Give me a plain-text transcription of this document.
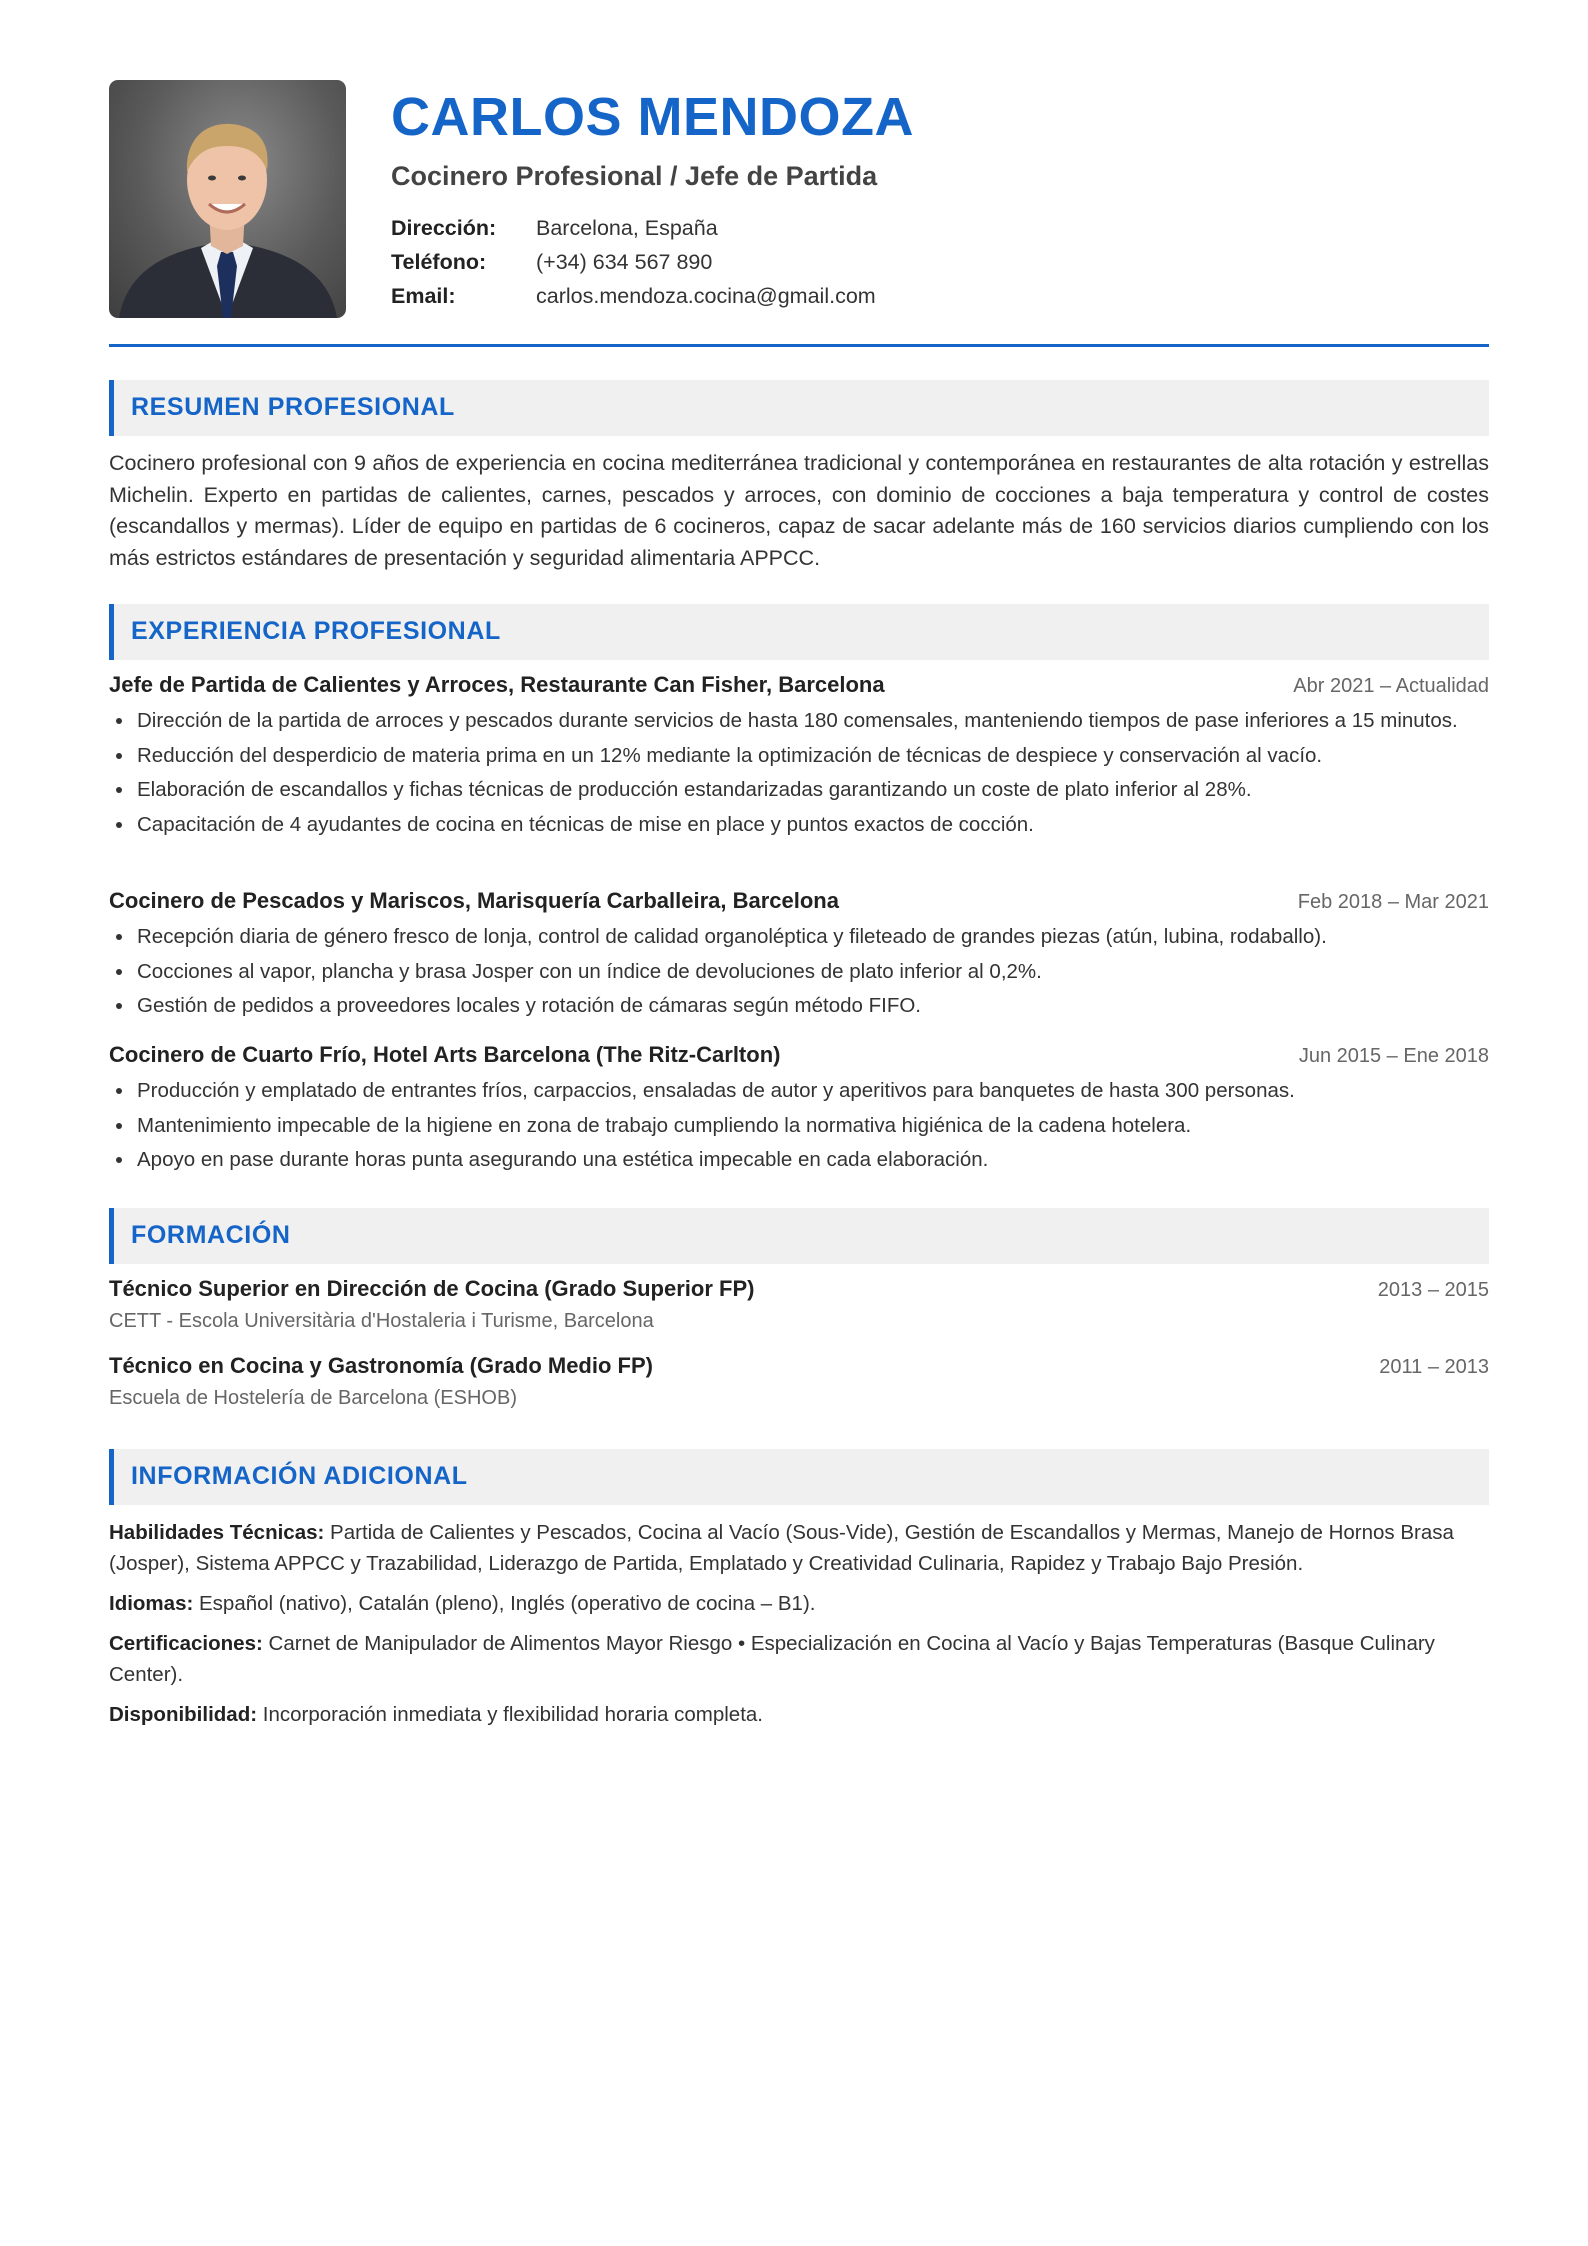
CARLOS MENDOZA
Cocinero Profesional / Jefe de Partida
Dirección:	Barcelona, España
Teléfono:	(+34) 634 567 890
Email:	carlos.mendoza.cocina@gmail.com
RESUMEN PROFESIONAL

Cocinero profesional con 9 años de experiencia en cocina mediterránea tradicional y contemporánea en restaurantes de alta rotación y estrellas Michelin. Experto en partidas de calientes, carnes, pescados y arroces, con dominio de cocciones a baja temperatura y control de costes (escandallos y mermas). Líder de equipo en partidas de 6 cocineros, capaz de sacar adelante más de 160 servicios diarios cumpliendo con los más estrictos estándares de presentación y seguridad alimentaria APPCC.

EXPERIENCIA PROFESIONAL
Jefe de Partida de Calientes y Arroces, Restaurante Can Fisher, Barcelona	Abr 2021 – Actualidad
Dirección de la partida de arroces y pescados durante servicios de hasta 180 comensales, manteniendo tiempos de pase inferiores a 15 minutos.
Reducción del desperdicio de materia prima en un 12% mediante la optimización de técnicas de despiece y conservación al vacío.
Elaboración de escandallos y fichas técnicas de producción estandarizadas garantizando un coste de plato inferior al 28%.
Capacitación de 4 ayudantes de cocina en técnicas de mise en place y puntos exactos de cocción.
Cocinero de Pescados y Mariscos, Marisquería Carballeira, Barcelona	Feb 2018 – Mar 2021
Recepción diaria de género fresco de lonja, control de calidad organoléptica y fileteado de grandes piezas (atún, lubina, rodaballo).
Cocciones al vapor, plancha y brasa Josper con un índice de devoluciones de plato inferior al 0,2%.
Gestión de pedidos a proveedores locales y rotación de cámaras según método FIFO.
Cocinero de Cuarto Frío, Hotel Arts Barcelona (The Ritz-Carlton)	Jun 2015 – Ene 2018
Producción y emplatado de entrantes fríos, carpaccios, ensaladas de autor y aperitivos para banquetes de hasta 300 personas.
Mantenimiento impecable de la higiene en zona de trabajo cumpliendo la normativa higiénica de la cadena hotelera.
Apoyo en pase durante horas punta asegurando una estética impecable en cada elaboración.
FORMACIÓN
Técnico Superior en Dirección de Cocina (Grado Superior FP)	2013 – 2015
CETT - Escola Universitària d'Hostaleria i Turisme, Barcelona
Técnico en Cocina y Gastronomía (Grado Medio FP)	2011 – 2013
Escuela de Hostelería de Barcelona (ESHOB)
INFORMACIÓN ADICIONAL

Habilidades Técnicas: Partida de Calientes y Pescados, Cocina al Vacío (Sous-Vide), Gestión de Escandallos y Mermas, Manejo de Hornos Brasa (Josper), Sistema APPCC y Trazabilidad, Liderazgo de Partida, Emplatado y Creatividad Culinaria, Rapidez y Trabajo Bajo Presión.

Idiomas: Español (nativo), Catalán (pleno), Inglés (operativo de cocina – B1).

Certificaciones: Carnet de Manipulador de Alimentos Mayor Riesgo • Especialización en Cocina al Vacío y Bajas Temperaturas (Basque Culinary Center).

Disponibilidad: Incorporación inmediata y flexibilidad horaria completa.
